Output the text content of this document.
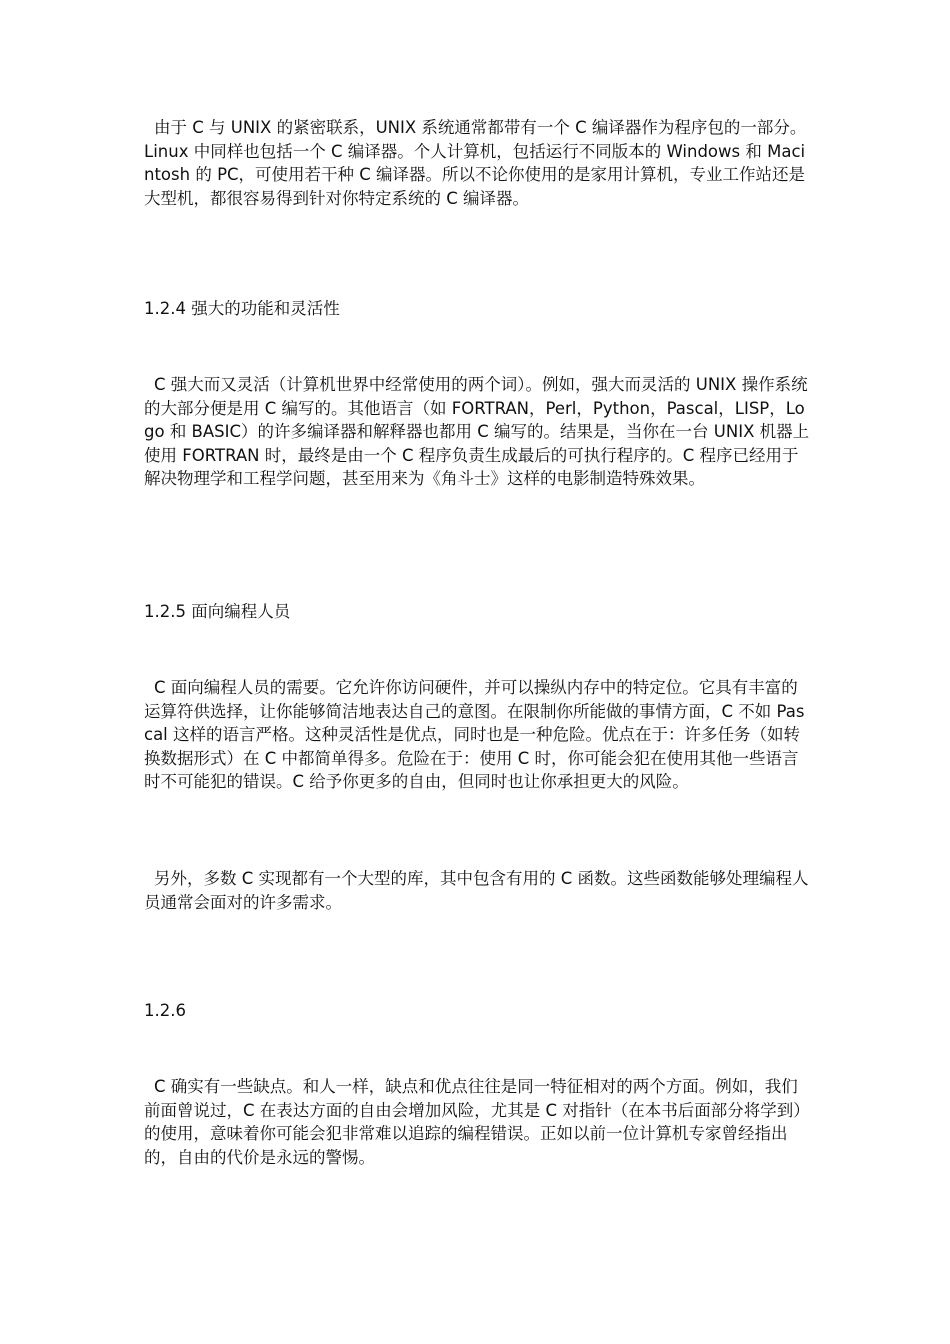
由于 C 与 UNIX 的紧密联系，UNIX 系统通常都带有一个 C 编译器作为程序包的一部分。Linux 中同样也包括一个 C 编译器。个人计算机，包括运行不同版本的 Windows 和 Macintosh 的 PC，可使用若干种 C 编译器。所以不论你使用的是家用计算机，专业工作站还是大型机，都很容易得到针对你特定系统的 C 编译器。
1.2.4 强大的功能和灵活性
C 强大而又灵活（计算机世界中经常使用的两个词）。例如，强大而灵活的 UNIX 操作系统的大部分便是用 C 编写的。其他语言（如 FORTRAN，Perl，Python，Pascal，LISP，Logo 和 BASIC）的许多编译器和解释器也都用 C 编写的。结果是，当你在一台 UNIX 机器上使用 FORTRAN 时，最终是由一个 C 程序负责生成最后的可执行程序的。C 程序已经用于解决物理学和工程学问题，甚至用来为《角斗士》这样的电影制造特殊效果。
1.2.5 面向编程人员
C 面向编程人员的需要。它允许你访问硬件，并可以操纵内存中的特定位。它具有丰富的运算符供选择，让你能够简洁地表达自己的意图。在限制你所能做的事情方面，C 不如 Pascal 这样的语言严格。这种灵活性是优点，同时也是一种危险。优点在于：许多任务（如转换数据形式）在 C 中都简单得多。危险在于：使用 C 时，你可能会犯在使用其他一些语言时不可能犯的错误。C 给予你更多的自由，但同时也让你承担更大的风险。
另外，多数 C 实现都有一个大型的库，其中包含有用的 C 函数。这些函数能够处理编程人员通常会面对的许多需求。
1.2.6
C 确实有一些缺点。和人一样，缺点和优点往往是同一特征相对的两个方面。例如，我们前面曾说过，C 在表达方面的自由会增加风险，尤其是 C 对指针（在本书后面部分将学到）的使用，意味着你可能会犯非常难以追踪的编程错误。正如以前一位计算机专家曾经指出的，自由的代价是永远的警惕。
